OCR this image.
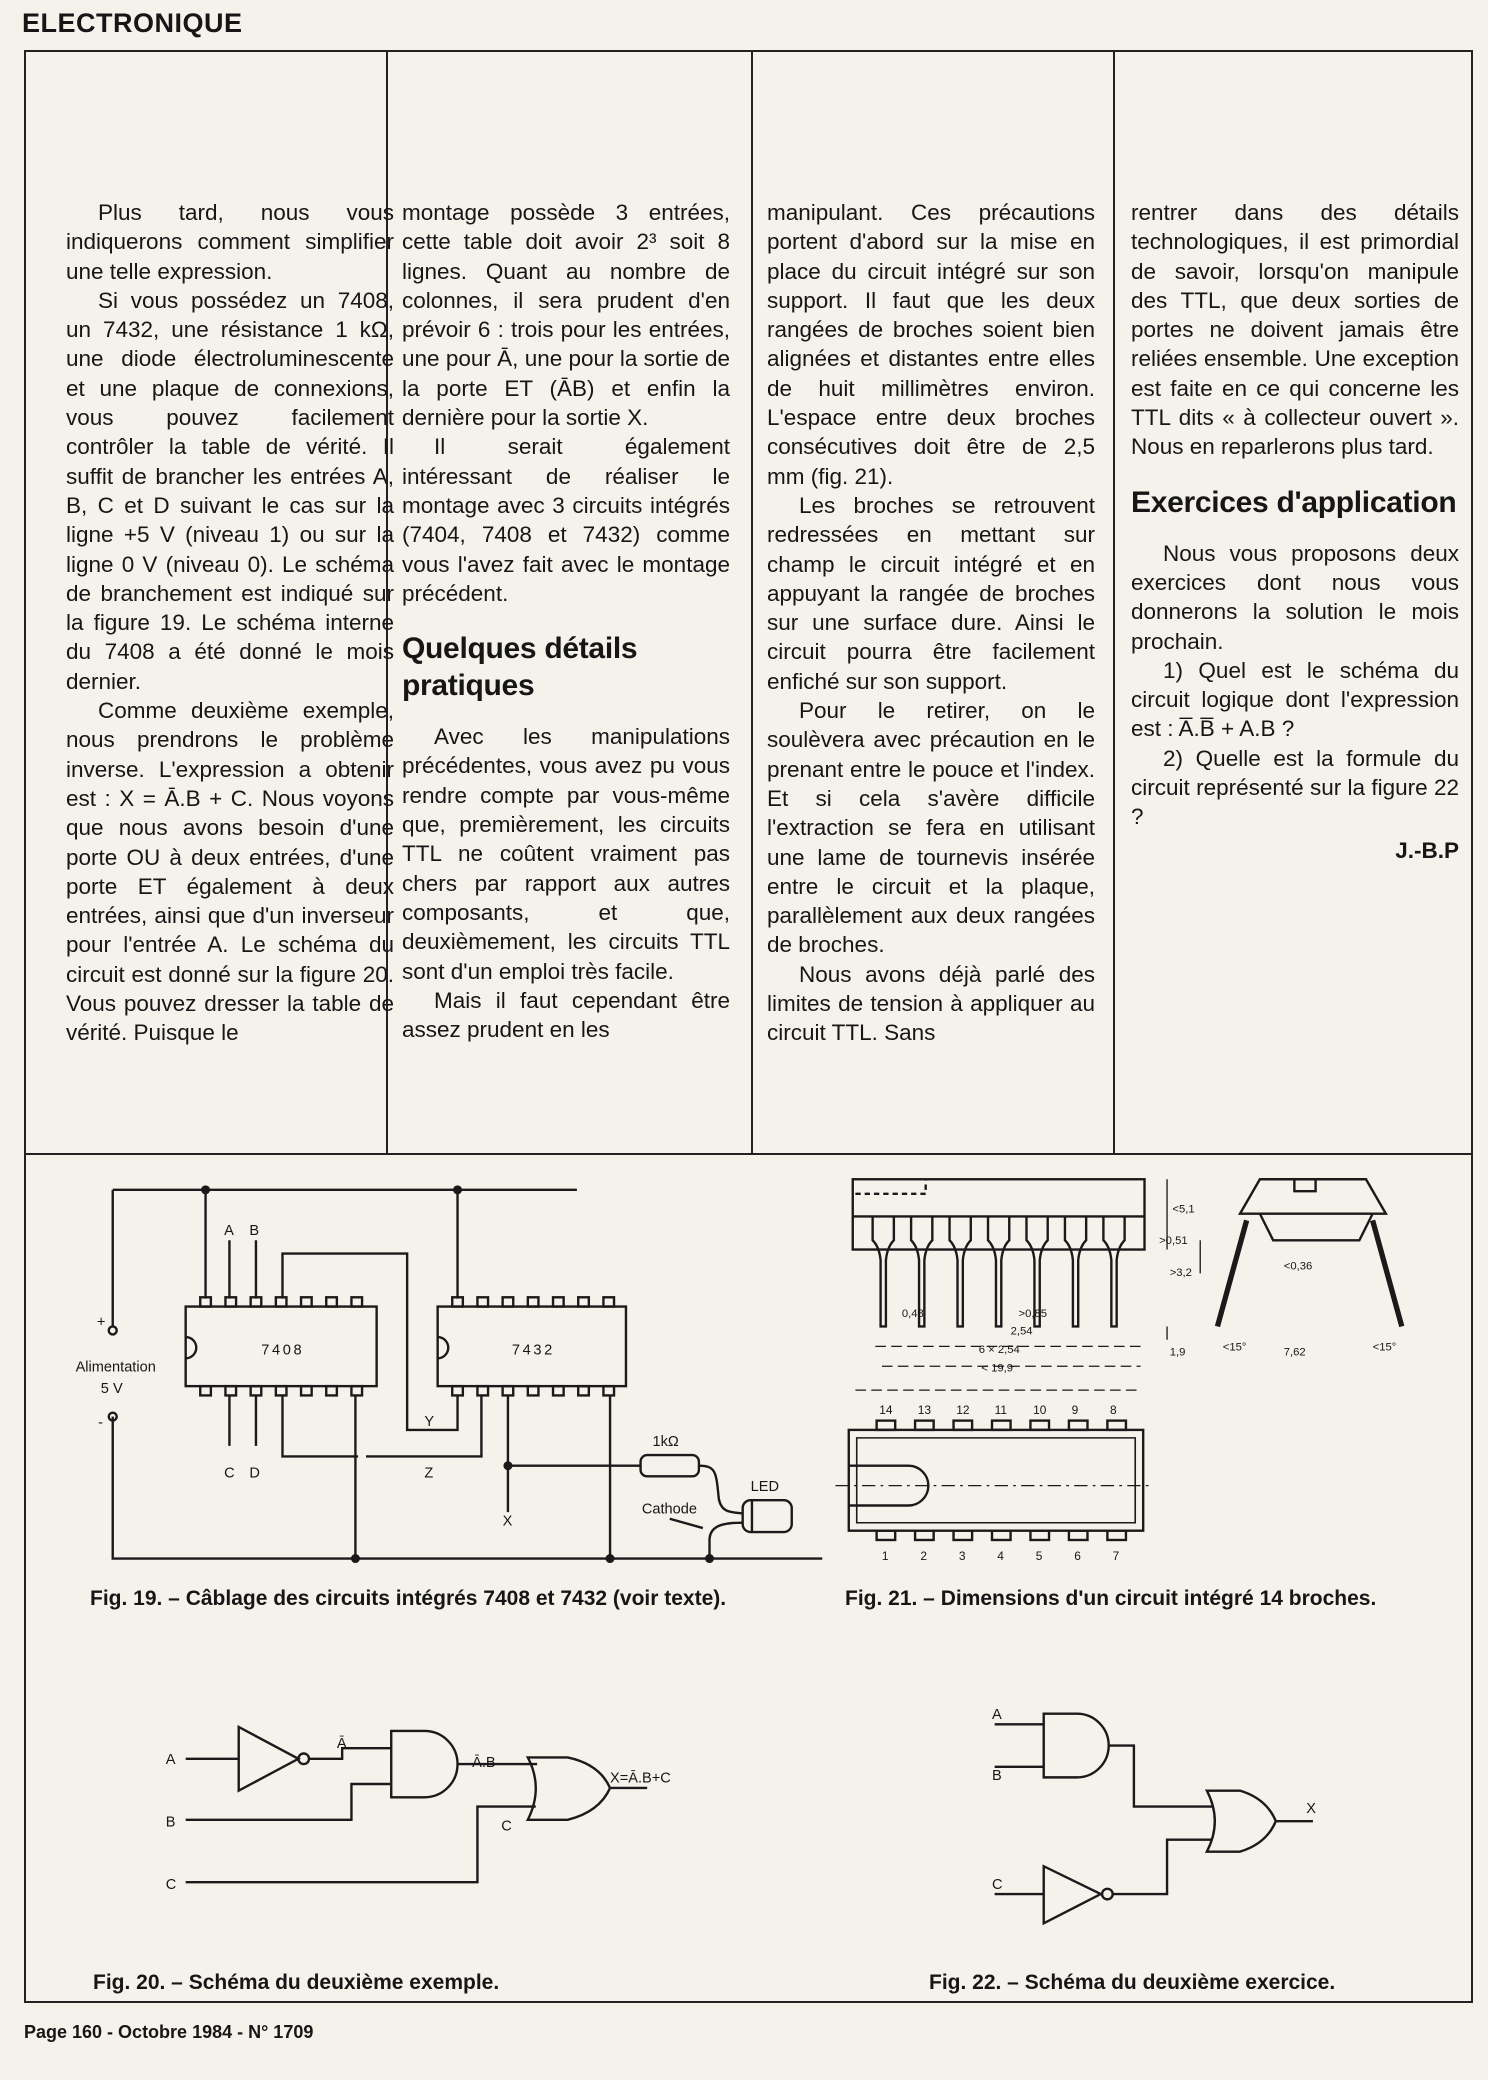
ELECTRONIQUE

Plus tard, nous vous indiquerons comment simplifier une telle expression.

Si vous possédez un 7408, un 7432, une résistance 1 kΩ, une diode électroluminescente et une plaque de connexions, vous pouvez facilement contrôler la table de vérité. Il suffit de brancher les entrées A, B, C et D suivant le cas sur la ligne +5 V (niveau 1) ou sur la ligne 0 V (niveau 0). Le schéma de branchement est indiqué sur la figure 19. Le schéma interne du 7408 a été donné le mois dernier.

Comme deuxième exemple, nous prendrons le problème inverse. L'expression a obtenir est : X = Ā.B + C. Nous voyons que nous avons besoin d'une porte OU à deux entrées, d'une porte ET également à deux entrées, ainsi que d'un inverseur pour l'entrée A. Le schéma du circuit est donné sur la figure 20. Vous pouvez dresser la table de vérité. Puisque le

montage possède 3 entrées, cette table doit avoir 2³ soit 8 lignes. Quant au nombre de colonnes, il sera prudent d'en prévoir 6 : trois pour les entrées, une pour Ā, une pour la sortie de la porte ET (ĀB) et enfin la dernière pour la sortie X.

Il serait également intéressant de réaliser le montage avec 3 circuits intégrés (7404, 7408 et 7432) comme vous l'avez fait avec le montage précédent.

Quelques détails pratiques

Avec les manipulations précédentes, vous avez pu vous rendre compte par vous-même que, premièrement, les circuits TTL ne coûtent vraiment pas chers par rapport aux autres composants, et que, deuxièmement, les circuits TTL sont d'un emploi très facile.

Mais il faut cependant être assez prudent en les

manipulant. Ces précautions portent d'abord sur la mise en place du circuit intégré sur son support. Il faut que les deux rangées de broches soient bien alignées et distantes entre elles de huit millimètres environ. L'espace entre deux broches consécutives doit être de 2,5 mm (fig. 21).

Les broches se retrouvent redressées en mettant sur champ le circuit intégré et en appuyant la rangée de broches sur une surface dure. Ainsi le circuit pourra être facilement enfiché sur son support.

Pour le retirer, on le soulèvera avec précaution en le prenant entre le pouce et l'index. Et si cela s'avère difficile l'extraction se fera en utilisant une lame de tournevis insérée entre le circuit et la plaque, parallèlement aux deux rangées de broches.

Nous avons déjà parlé des limites de tension à appliquer au circuit TTL. Sans

rentrer dans des détails technologiques, il est primordial de savoir, lorsqu'on manipule des TTL, que deux sorties de portes ne doivent jamais être reliées ensemble. Une exception est faite en ce qui concerne les TTL dits « à collecteur ouvert ». Nous en reparlerons plus tard.

Exercices d'application

Nous vous proposons deux exercices dont nous vous donnerons la solution le mois prochain.

1) Quel est le schéma du circuit logique dont l'expression est : A̅.B̅ + A.B ?

2) Quelle est la formule du circuit représenté sur la figure 22 ?

J.-B.P

A B
C D
Y
Z
X
7408	7432
+
-
Alimentation
5 V
1kΩ
LED
Cathode
<5,1
>0,51
>3,2
<0,36
0,48	>0,85
2,54
6 × 2,54
< 19,9
1,9	<15°	7,62	<15°
14
1
13
2
12
3
11
4
10
5
9
6
8
7
A
B
C
Ā
Ā.B
C
X=Ā.B+C
A
B
C
X
Fig. 19. – Câblage des circuits intégrés 7408 et 7432 (voir texte).	Fig. 21. – Dimensions d'un circuit intégré 14 broches.
Fig. 20. – Schéma du deuxième exemple.	Fig. 22. – Schéma du deuxième exercice.
Page 160 - Octobre 1984 - N° 1709
